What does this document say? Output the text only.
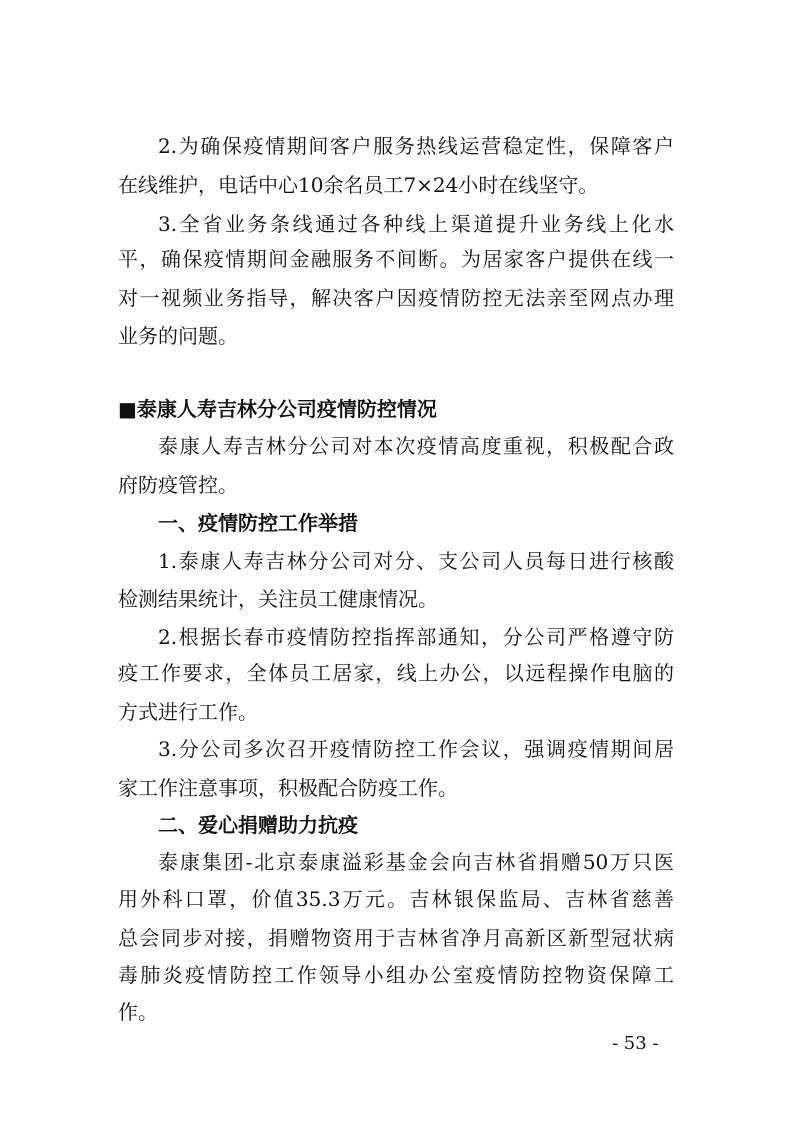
2.为确保疫情期间客户服务热线运营稳定性，保障客户
在线维护，电话中心10余名员工7×24小时在线坚守。
3.全省业务条线通过各种线上渠道提升业务线上化水
平，确保疫情期间金融服务不间断。为居家客户提供在线一
对一视频业务指导，解决客户因疫情防控无法亲至网点办理
业务的问题。
■泰康人寿吉林分公司疫情防控情况
泰康人寿吉林分公司对本次疫情高度重视，积极配合政
府防疫管控。
一、疫情防控工作举措
1.泰康人寿吉林分公司对分、支公司人员每日进行核酸
检测结果统计，关注员工健康情况。
2.根据长春市疫情防控指挥部通知，分公司严格遵守防
疫工作要求，全体员工居家，线上办公，以远程操作电脑的
方式进行工作。
3.分公司多次召开疫情防控工作会议，强调疫情期间居
家工作注意事项，积极配合防疫工作。
二、爱心捐赠助力抗疫
泰康集团-北京泰康溢彩基金会向吉林省捐赠50万只医
用外科口罩，价值35.3万元。吉林银保监局、吉林省慈善
总会同步对接，捐赠物资用于吉林省净月高新区新型冠状病
毒肺炎疫情防控工作领导小组办公室疫情防控物资保障工
作。
- 53 -
